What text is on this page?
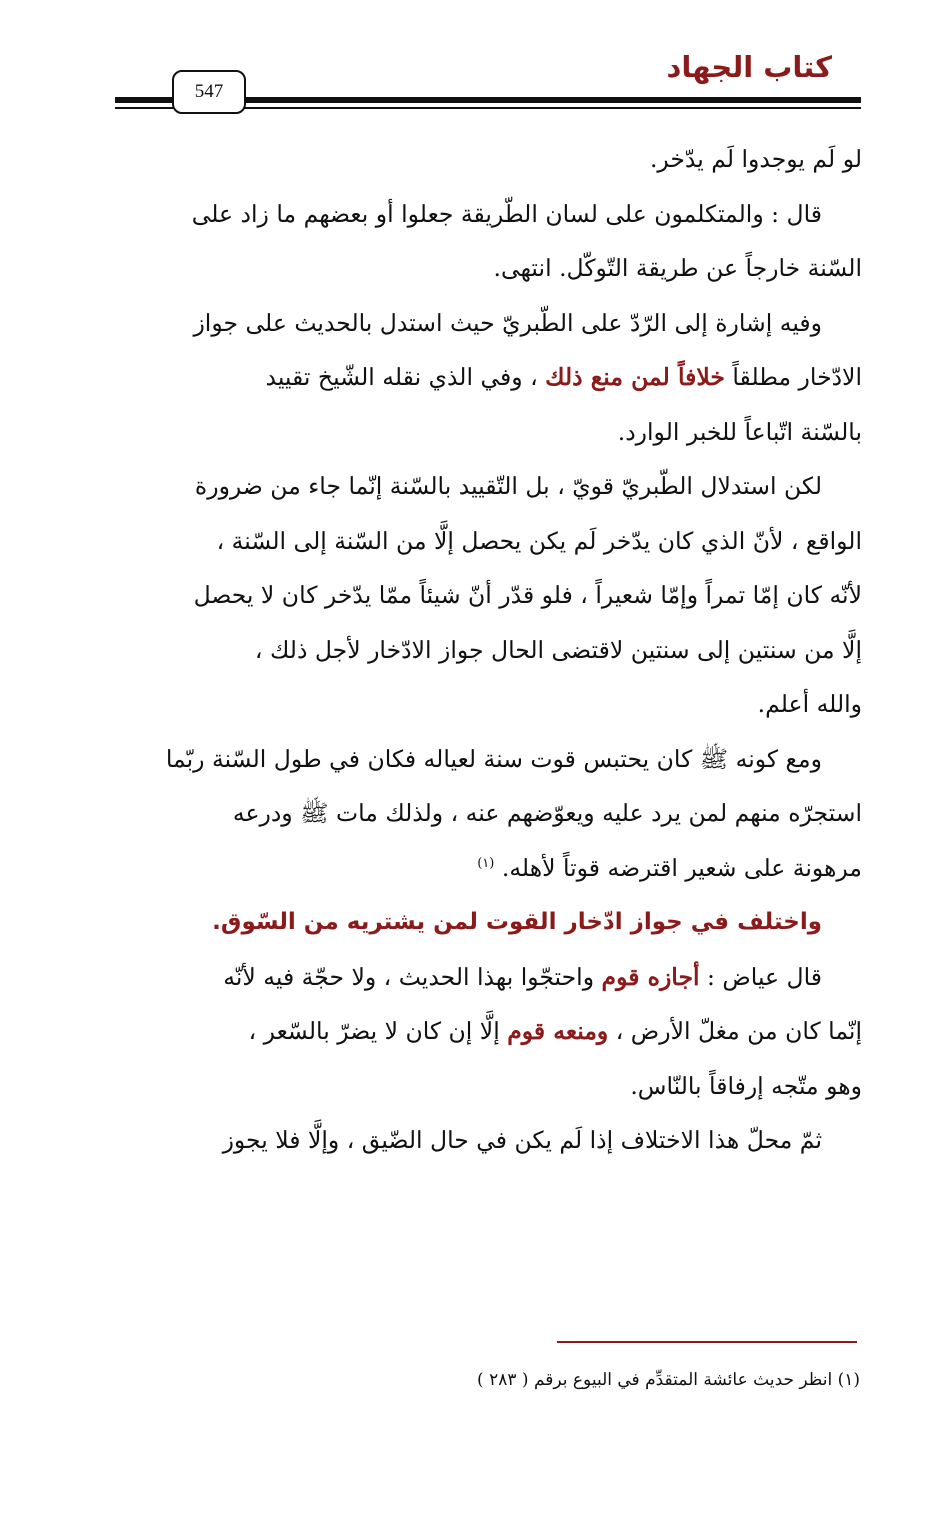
كتاب الجهاد
547
لو لَم يوجدوا لَم يدّخر.
قال : والمتكلمون على لسان الطّريقة جعلوا أو بعضهم ما زاد على
السّنة خارجاً عن طريقة التّوكّل. انتهى.
وفيه إشارة إلى الرّدّ على الطّبريّ حيث استدل بالحديث على جواز
الادّخار مطلقاً خلافاً لمن منع ذلك ، وفي الذي نقله الشّيخ تقييد
بالسّنة اتّباعاً للخبر الوارد.
لكن استدلال الطّبريّ قويّ ، بل التّقييد بالسّنة إنّما جاء من ضرورة
الواقع ، لأنّ الذي كان يدّخر لَم يكن يحصل إلَّا من السّنة إلى السّنة ،
لأنّه كان إمّا تمراً وإمّا شعيراً ، فلو قدّر أنّ شيئاً ممّا يدّخر كان لا يحصل
إلَّا من سنتين إلى سنتين لاقتضى الحال جواز الادّخار لأجل ذلك ،
والله أعلم.
ومع كونه ﷺ كان يحتبس قوت سنة لعياله فكان في طول السّنة ربّما
استجرّه منهم لمن يرد عليه ويعوّضهم عنه ، ولذلك مات ﷺ ودرعه
مرهونة على شعير اقترضه قوتاً لأهله. $^{(١)}$
واختلف في جواز ادّخار القوت لمن يشتريه من السّوق.
قال عياض : أجازه قوم واحتجّوا بهذا الحديث ، ولا حجّة فيه لأنّه
إنّما كان من مغلّ الأرض ، ومنعه قوم إلَّا إن كان لا يضرّ بالسّعر ،
وهو متّجه إرفاقاً بالنّاس.
ثمّ محلّ هذا الاختلاف إذا لَم يكن في حال الضّيق ، وإلَّا فلا يجوز
(١) انظر حديث عائشة المتقدِّم في البيوع برقم ( ٢٨٣ )
